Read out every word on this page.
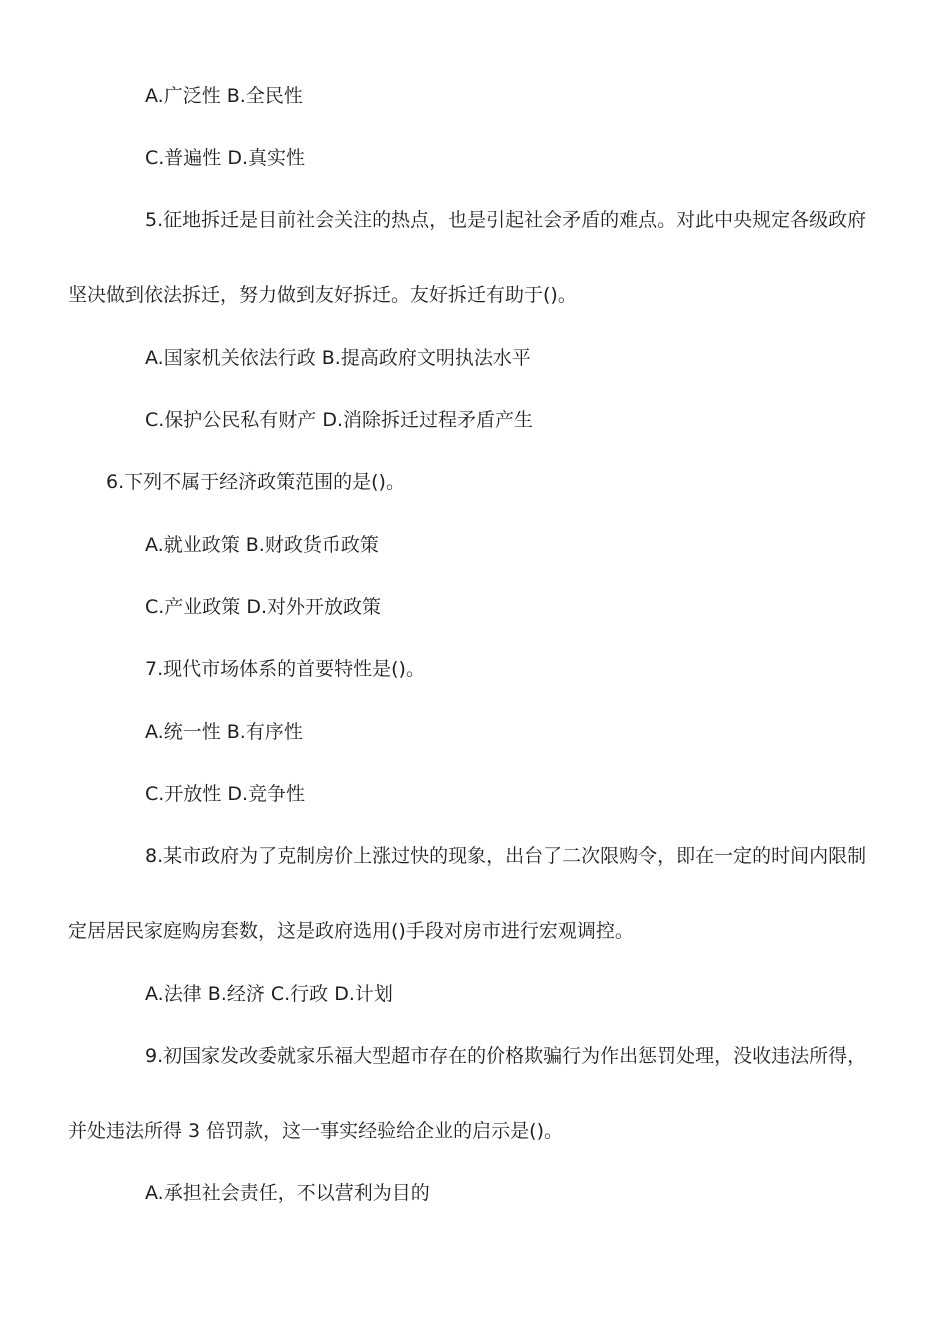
A.广泛性 B.全民性
C.普遍性 D.真实性
5.征地拆迁是目前社会关注的热点，也是引起社会矛盾的难点。对此中央规定各级政府
坚决做到依法拆迁，努力做到友好拆迁。友好拆迁有助于()。
A.国家机关依法行政 B.提高政府文明执法水平
C.保护公民私有财产 D.消除拆迁过程矛盾产生
6.下列不属于经济政策范围的是()。
A.就业政策 B.财政货币政策
C.产业政策 D.对外开放政策
7.现代市场体系的首要特性是()。
A.统一性 B.有序性
C.开放性 D.竞争性
8.某市政府为了克制房价上涨过快的现象，出台了二次限购令，即在一定的时间内限制
定居居民家庭购房套数，这是政府选用()手段对房市进行宏观调控。
A.法律 B.经济 C.行政 D.计划
9.初国家发改委就家乐福大型超市存在的价格欺骗行为作出惩罚处理，没收违法所得，
并处违法所得 3 倍罚款，这一事实经验给企业的启示是()。
A.承担社会责任，不以营利为目的
